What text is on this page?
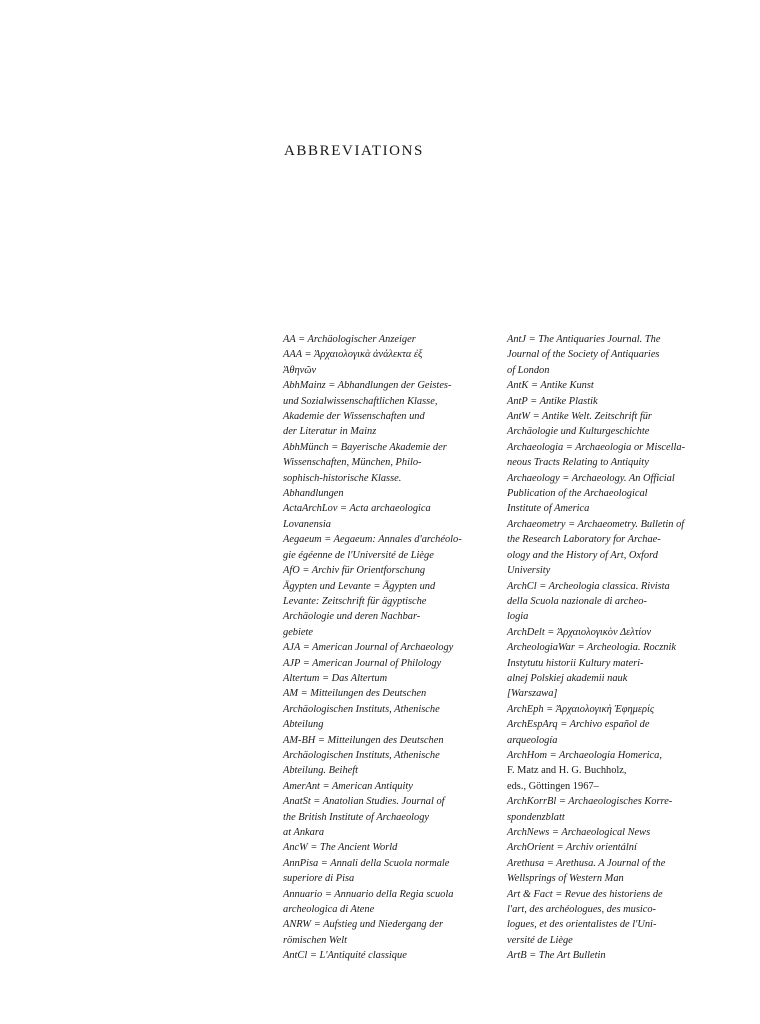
ABBREVIATIONS

AA = Archäologischer Anzeiger

AAA = Ἀρχαιολογικὰ ἀνάλεκτα ἐξ
Ἀθηνῶν

AbhMainz = Abhandlungen der Geistes-
und Sozialwissenschaftlichen Klasse,
Akademie der Wissenschaften und
der Literatur in Mainz

AbhMünch = Bayerische Akademie der
Wissenschaften, München, Philo-
sophisch-historische Klasse.
Abhandlungen

ActaArchLov = Acta archaeologica
Lovanensia

Aegaeum = Aegaeum: Annales d'archéolo-
gie égéenne de l'Université de Liège

AfO = Archiv für Orientforschung

Ägypten und Levante = Ägypten und
Levante: Zeitschrift für ägyptische
Archäologie und deren Nachbar-
gebiete

AJA = American Journal of Archaeology

AJP = American Journal of Philology

Altertum = Das Altertum

AM = Mitteilungen des Deutschen
Archäologischen Instituts, Athenische
Abteilung

AM-BH = Mitteilungen des Deutschen
Archäologischen Instituts, Athenische
Abteilung. Beiheft

AmerAnt = American Antiquity

AnatSt = Anatolian Studies. Journal of
the British Institute of Archaeology
at Ankara

AncW = The Ancient World

AnnPisa = Annali della Scuola normale
superiore di Pisa

Annuario = Annuario della Regia scuola
archeologica di Atene

ANRW = Aufstieg und Niedergang der
römischen Welt

AntCl = L'Antiquité classique

AntJ = The Antiquaries Journal. The
Journal of the Society of Antiquaries
of London

AntK = Antike Kunst

AntP = Antike Plastik

AntW = Antike Welt. Zeitschrift für
Archäologie und Kulturgeschichte

Archaeologia = Archaeologia or Miscella-
neous Tracts Relating to Antiquity

Archaeology = Archaeology. An Official
Publication of the Archaeological
Institute of America

Archaeometry = Archaeometry. Bulletin of
the Research Laboratory for Archae-
ology and the History of Art, Oxford
University

ArchCl = Archeologia classica. Rivista
della Scuola nazionale di archeo-
logia

ArchDelt = Ἀρχαιολογικὸν Δελτίον

ArcheologiaWar = Archeologia. Rocznik
Instytutu historii Kultury materi-
alnej Polskiej akademii nauk
[Warszawa]

ArchEph = Ἀρχαιολογικὴ Ἐφημερίς

ArchEspArq = Archivo español de
arqueología

ArchHom = Archaeologia Homerica,
F. Matz and H. G. Buchholz,
eds., Göttingen 1967–

ArchKorrBl = Archaeologisches Korre-
spondenzblatt

ArchNews = Archaeological News

ArchOrient = Archiv orientální

Arethusa = Arethusa. A Journal of the
Wellsprings of Western Man

Art & Fact = Revue des historiens de
l'art, des archéologues, des musico-
logues, et des orientalistes de l'Uni-
versité de Liège

ArtB = The Art Bulletin
